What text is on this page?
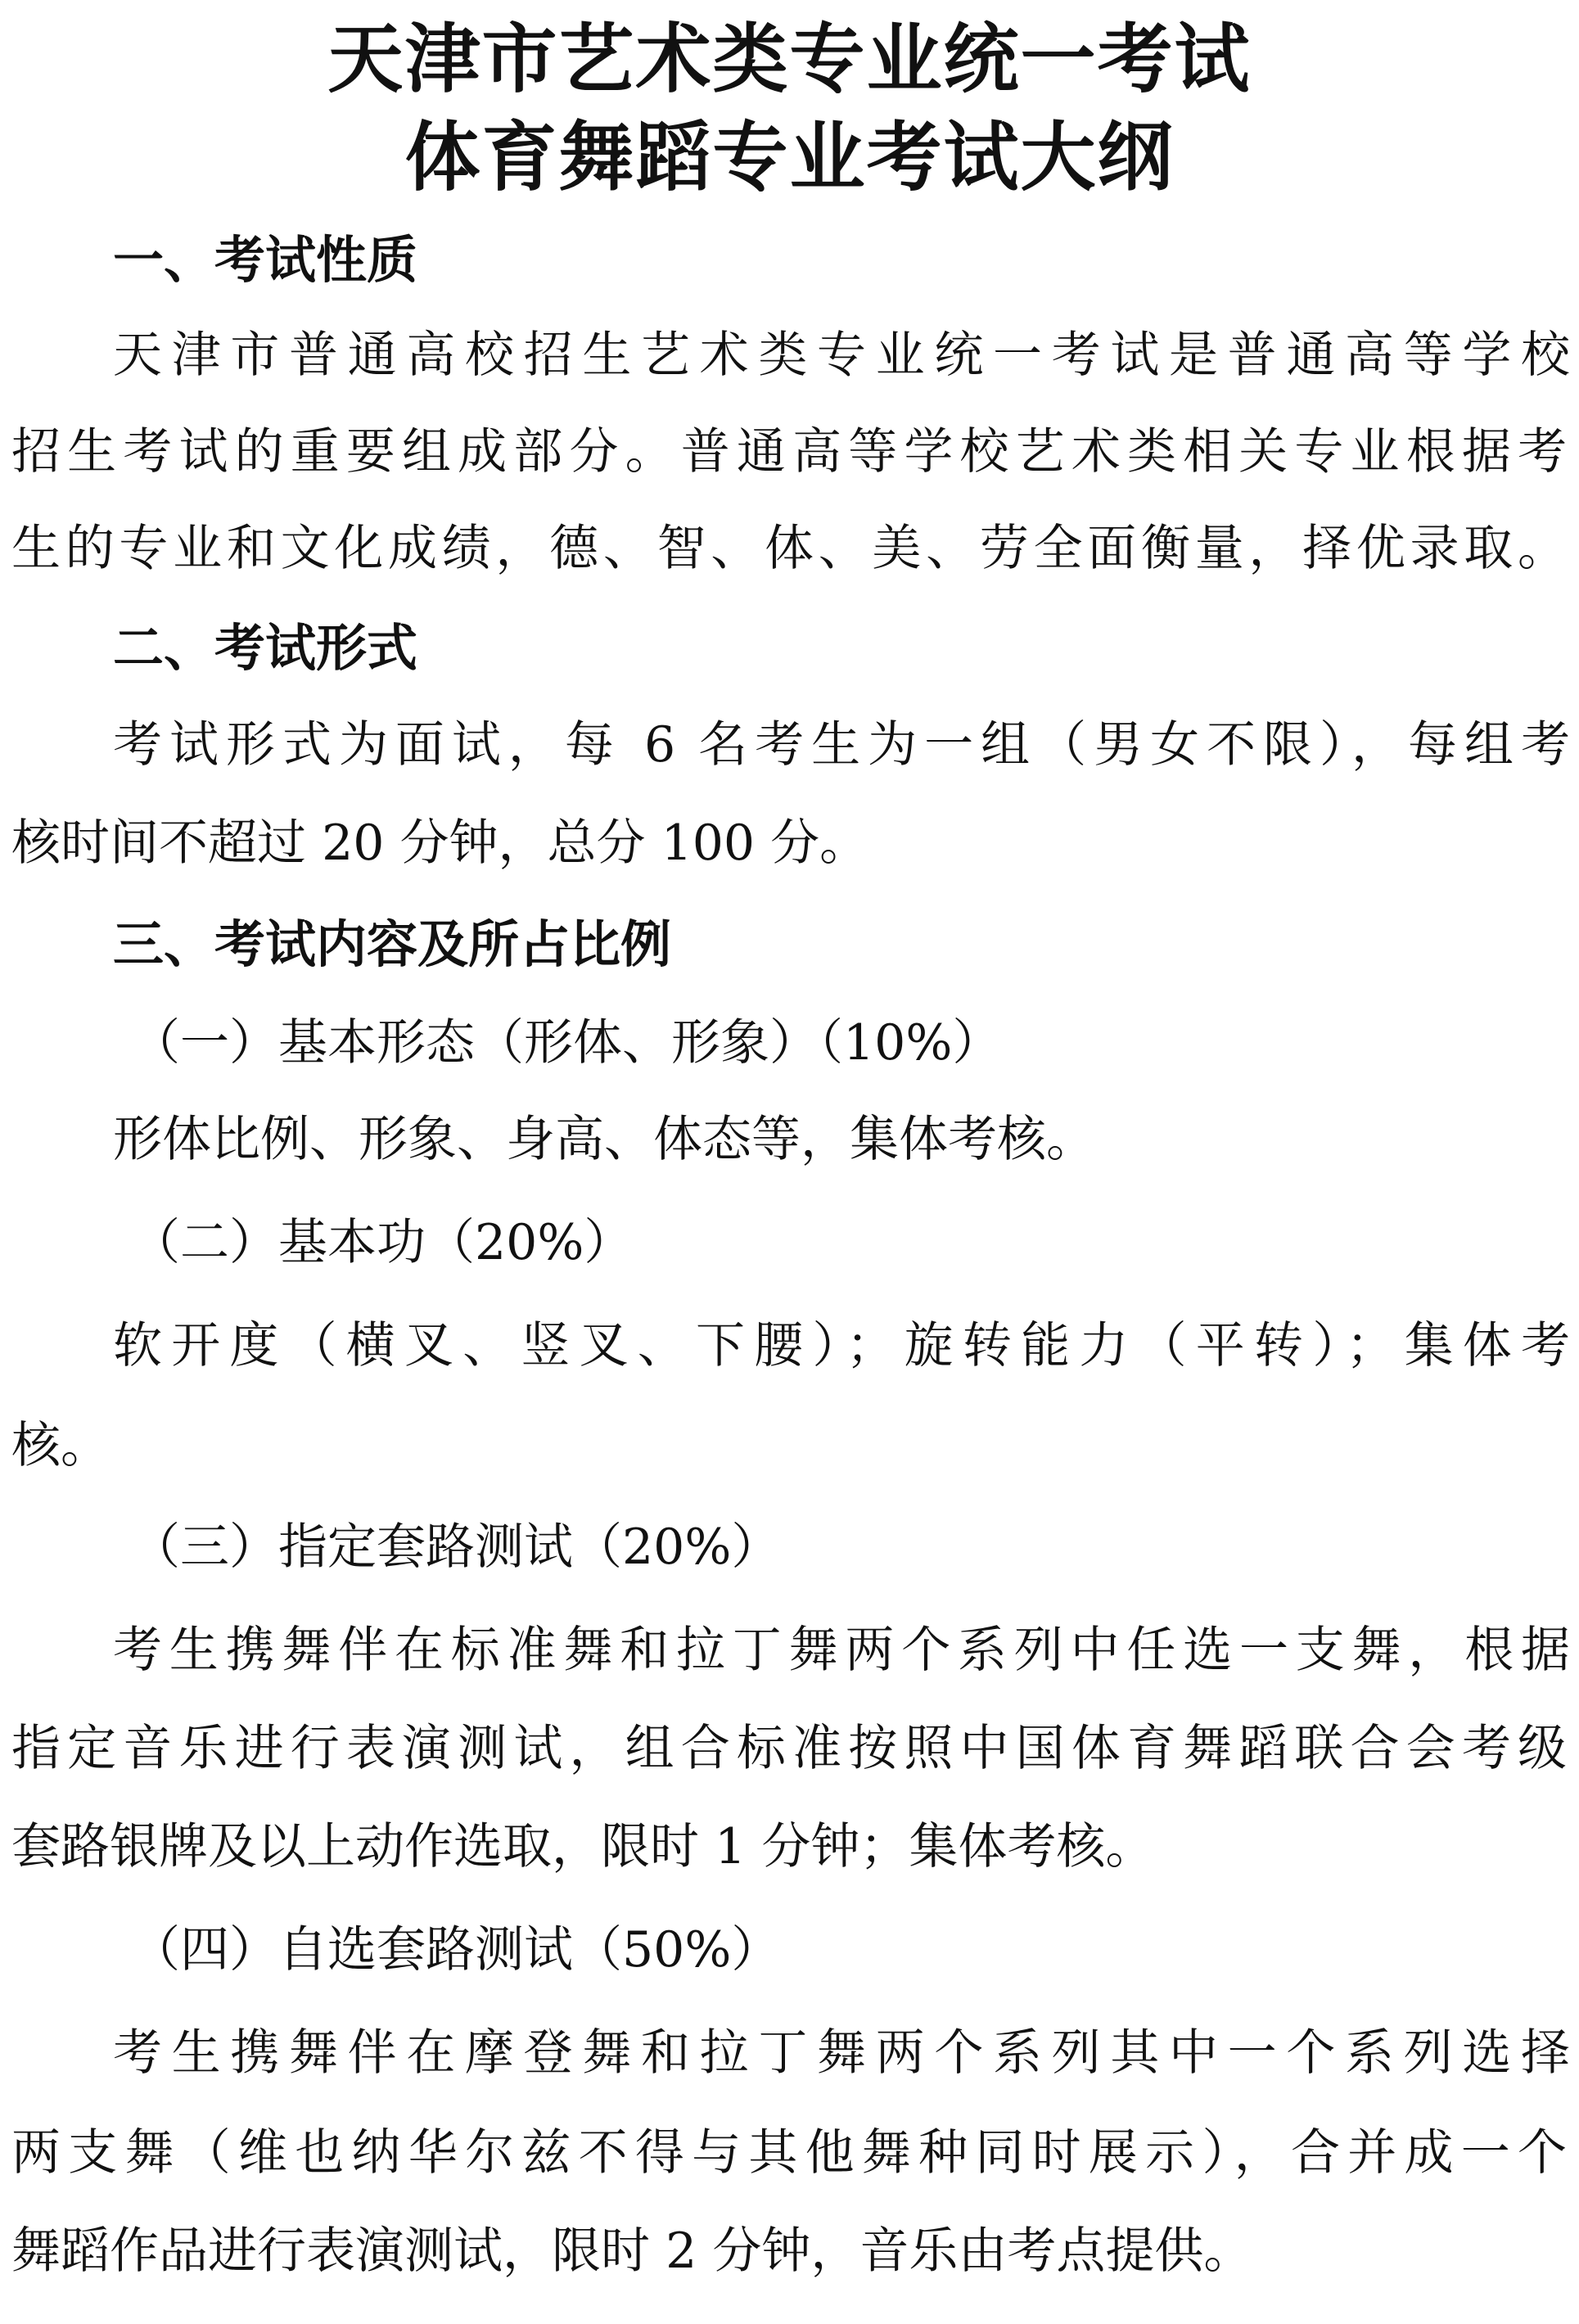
天津市艺术类专业统一考试
体育舞蹈专业考试大纲
一、考试性质
天津市普通高校招生艺术类专业统一考试是普通高等学校
招生考试的重要组成部分。普通高等学校艺术类相关专业根据考
生的专业和文化成绩，德、智、体、美、劳全面衡量，择优录取。
二、考试形式
考试形式为面试，每 6 名考生为一组（男女不限），每组考
核时间不超过 20 分钟，总分 100 分。
三、考试内容及所占比例
（一）基本形态（形体、形象）（10%）
形体比例、形象、身高、体态等，集体考核。
（二）基本功（20%）
软开度（横叉、竖叉、下腰）；旋转能力（平转）；集体考
核。
（三）指定套路测试（20%）
考生携舞伴在标准舞和拉丁舞两个系列中任选一支舞，根据
指定音乐进行表演测试，组合标准按照中国体育舞蹈联合会考级
套路银牌及以上动作选取，限时 1 分钟；集体考核。
（四）自选套路测试（50%）
考生携舞伴在摩登舞和拉丁舞两个系列其中一个系列选择
两支舞（维也纳华尔兹不得与其他舞种同时展示），合并成一个
舞蹈作品进行表演测试，限时 2 分钟，音乐由考点提供。
